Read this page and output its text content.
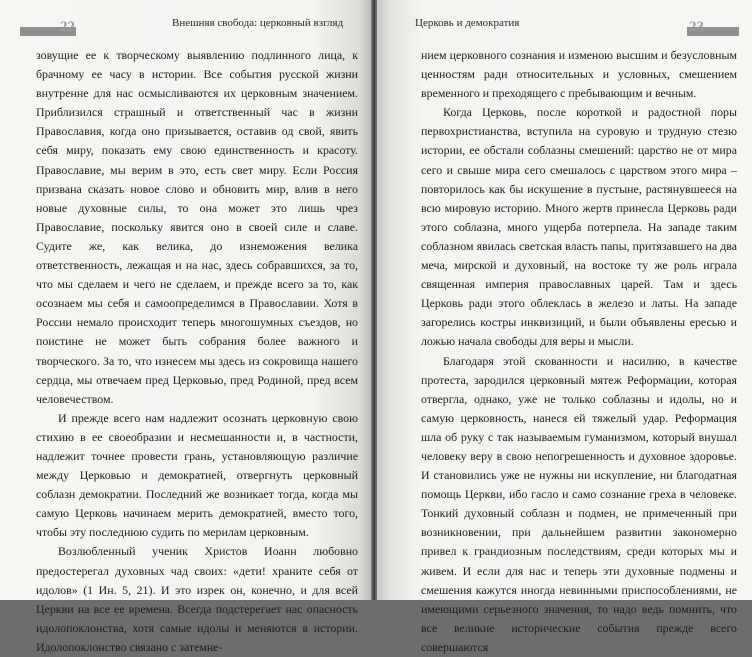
22	Внешняя свобода: церковный взгляд

зовущие ее к творческому выявлению подлинного лица, к брачному ее часу в истории. Все события русской жизни внутренне для нас осмысливаются их церковным значением. Приблизился страшный и ответственный час в жизни Православия, когда оно призывается, оставив од свой, явить себя миру, показать ему свою единственность и красоту. Православие, мы верим в это, есть свет миру. Если Россия призвана сказать новое слово и обновить мир, влив в него новые духовные силы, то она может это лишь чрез Православие, поскольку явится оно в своей силе и славе. Судите же, как велика, до изнеможения велика ответственность, лежащая и на нас, здесь собравшихся, за то, что мы сделаем и чего не сделаем, и прежде всего за то, как осознаем мы себя и самоопределимся в Православии. Хотя в России немало происходит теперь многошумных съездов, но поистине не может быть собрания более важного и творческого. За то, что изнесем мы здесь из сокровища нашего сердца, мы отвечаем пред Церковью, пред Родиной, пред всем человечеством.

И прежде всего нам надлежит осознать церковную свою стихию в ее своеобразии и несмешанности и, в частности, надлежит точнее провести грань, установляющую различие между Церковью и демократией, отвергнуть церковный соблазн демократии. Последний же возникает тогда, когда мы самую Церковь начинаем мерить демократией, вместо того, чтобы эту последнюю судить по мерилам церковным.

Возлюбленный ученик Христов Иоанн любовно предостерегал духовных чад своих: «дети! храните себя от идолов» (1 Ин. 5, 21). И это изрек он, конечно, и для всей Церкви на все ее времена. Всегда подстерегает нас опасность идолопоклонства, хотя самые идолы и меняются в истории. Идолопоклонство связано с затемне-

23
Церковь и демократия

нием церковного сознания и изменою высшим и безусловным ценностям ради относительных и условных, смешением временного и преходящего с пребывающим и вечным.

Когда Церковь, после короткой и радостной поры первохристианства, вступила на суровую и трудную стезю истории, ее обстали соблазны смешений: царство не от мира сего и свыше мира сего смешалось с царством этого мира – повторилось как бы искушение в пустыне, растянувшееся на всю мировую историю. Много жертв принесла Церковь ради этого соблазна, много ущерба потерпела. На западе таким соблазном явилась светская власть папы, притязавшего на два меча, мирской и духовный, на востоке ту же роль играла священная империя православных царей. Там и здесь Церковь ради этого облеклась в железо и латы. На западе загорелись костры инквизиций, и были объявлены ересью и ложью начала свободы для веры и мысли.

Благодаря этой скованности и насилию, в качестве протеста, зародился церковный мятеж Реформации, которая отвергла, однако, уже не только соблазны и идолы, но и самую церковность, нанеся ей тяжелый удар. Реформация шла об руку с так называемым гуманизмом, который внушал человеку веру в свою непогрешенность и духовное здоровье. И становились уже не нужны ни искупление, ни благодатная помощь Церкви, ибо гасло и само сознание греха в человеке. Тонкий духовный соблазн и подмен, не примеченный при возникновении, при дальнейшем развитии закономерно привел к грандиозным последствиям, среди которых мы и живем. И если для нас и теперь эти духовные подмены и смешения кажутся иногда невинными приспособлениями, не имеющими серьезного значения, то надо ведь помнить, что все великие исторические события прежде всего совершаются
